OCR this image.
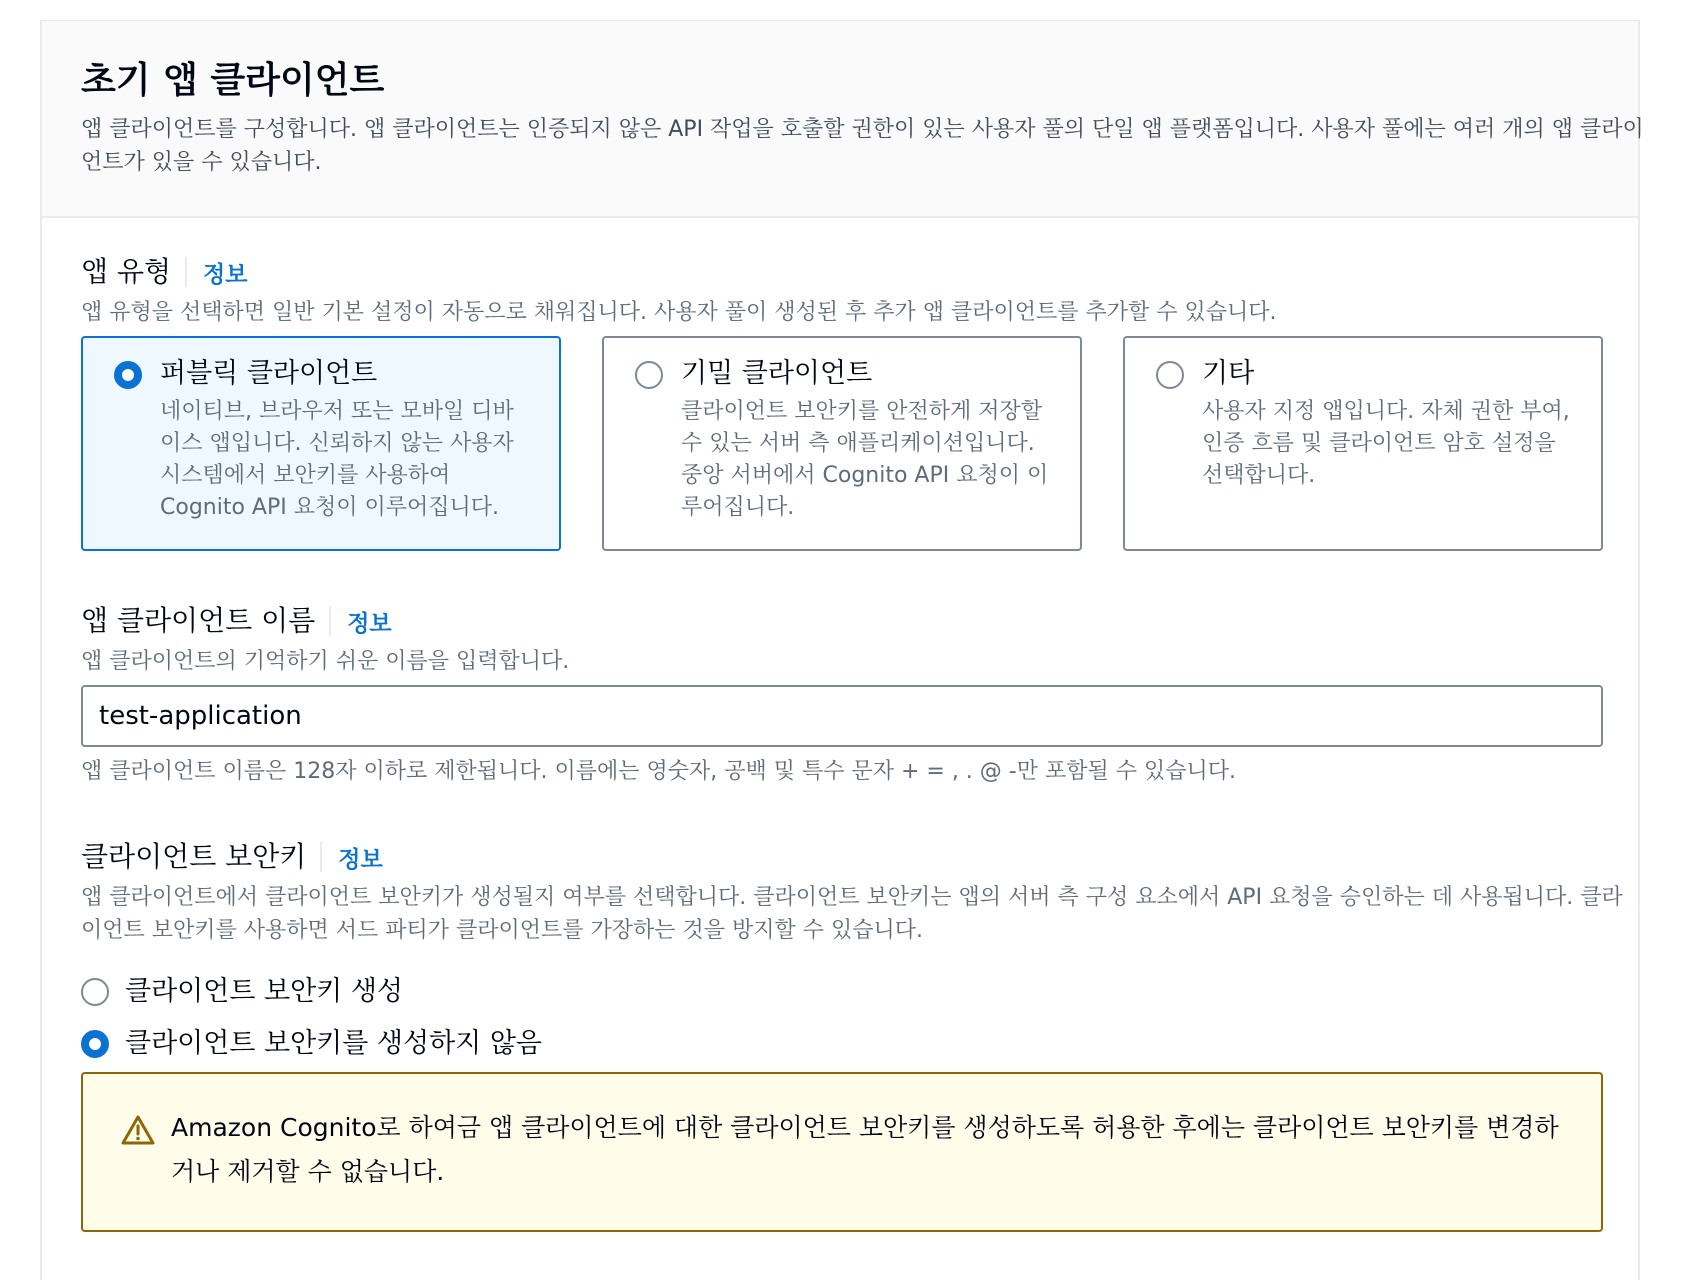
초기 앱 클라이언트
앱 클라이언트를 구성합니다. 앱 클라이언트는 인증되지 않은 API 작업을 호출할 권한이 있는 사용자 풀의 단일 앱 플랫폼입니다. 사용자 풀에는 여러 개의 앱 클라이언트가 있을 수 있습니다.
앱 유형 정보
앱 유형을 선택하면 일반 기본 설정이 자동으로 채워집니다. 사용자 풀이 생성된 후 추가 앱 클라이언트를 추가할 수 있습니다.
퍼블릭 클라이언트
네이티브, 브라우저 또는 모바일 디바이스 앱입니다. 신뢰하지 않는 사용자 시스템에서 보안키를 사용하여 Cognito API 요청이 이루어집니다.
기밀 클라이언트
클라이언트 보안키를 안전하게 저장할 수 있는 서버 측 애플리케이션입니다. 중앙 서버에서 Cognito API 요청이 이루어집니다.
기타
사용자 지정 앱입니다. 자체 권한 부여, 인증 흐름 및 클라이언트 암호 설정을 선택합니다.
앱 클라이언트 이름 정보
앱 클라이언트의 기억하기 쉬운 이름을 입력합니다.
test-application
앱 클라이언트 이름은 128자 이하로 제한됩니다. 이름에는 영숫자, 공백 및 특수 문자 + = , . @ -만 포함될 수 있습니다.
클라이언트 보안키 정보
앱 클라이언트에서 클라이언트 보안키가 생성될지 여부를 선택합니다. 클라이언트 보안키는 앱의 서버 측 구성 요소에서 API 요청을 승인하는 데 사용됩니다. 클라이언트 보안키를 사용하면 서드 파티가 클라이언트를 가장하는 것을 방지할 수 있습니다.
클라이언트 보안키 생성
클라이언트 보안키를 생성하지 않음
Amazon Cognito로 하여금 앱 클라이언트에 대한 클라이언트 보안키를 생성하도록 허용한 후에는 클라이언트 보안키를 변경하거나 제거할 수 없습니다.
